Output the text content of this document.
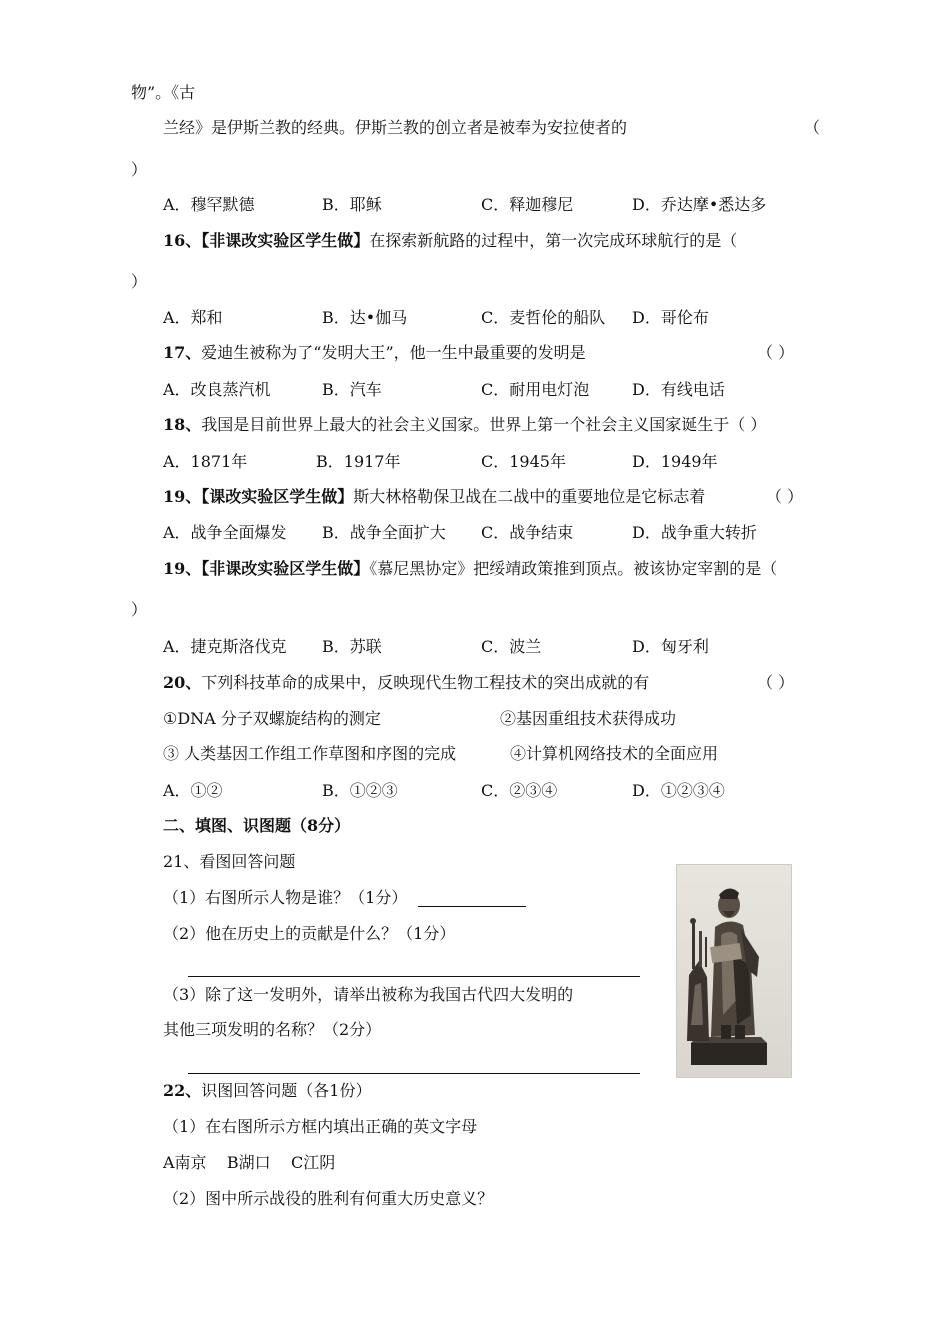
物”。《古
兰经》是伊斯兰教的经典。伊斯兰教的创立者是被奉为安拉使者的	（
）
A．穆罕默德	B．耶稣	C．释迦穆尼	D．乔达摩•悉达多
16、【非课改实验区学生做】在探索新航路的过程中，第一次完成环球航行的是（
）
A．郑和	B．达•伽马	C．麦哲伦的船队 D．哥伦布
17、爱迪生被称为了“发明大王”，他一生中最重要的发明是	（ ）
A．改良蒸汽机	B．汽车	C．耐用电灯泡	D．有线电话
18、我国是目前世界上最大的社会主义国家。世界上第一个社会主义国家诞生于（ ）
A．1871年	B．1917年	C．1945年	D．1949年
19、【课改实验区学生做】斯大林格勒保卫战在二战中的重要地位是它标志着	（ ）
A．战争全面爆发 B．战争全面扩大 C．战争结束	D．战争重大转折
19、【非课改实验区学生做】《慕尼黑协定》把绥靖政策推到顶点。被该协定宰割的是（
）
A．捷克斯洛伐克 B．苏联	C．波兰	D．匈牙利
20、下列科技革命的成果中，反映现代生物工程技术的突出成就的有	（ ）
①DNA 分子双螺旋结构的测定	②基因重组技术获得成功
③ 人类基因工作组工作草图和序图的完成	④计算机网络技术的全面应用
A．①②	B．①②③	C．②③④	D．①②③④
二、填图、识图题（8分）
21、看图回答问题
（1）右图所示人物是谁？（1分）
（2）他在历史上的贡献是什么？（1分）
（3）除了这一发明外，请举出被称为我国古代四大发明的
其他三项发明的名称？（2分）
22、识图回答问题（各1份）
（1）在右图所示方框内填出正确的英文字母
A南京    B湖口    C江阴
（2）图中所示战役的胜利有何重大历史意义？
